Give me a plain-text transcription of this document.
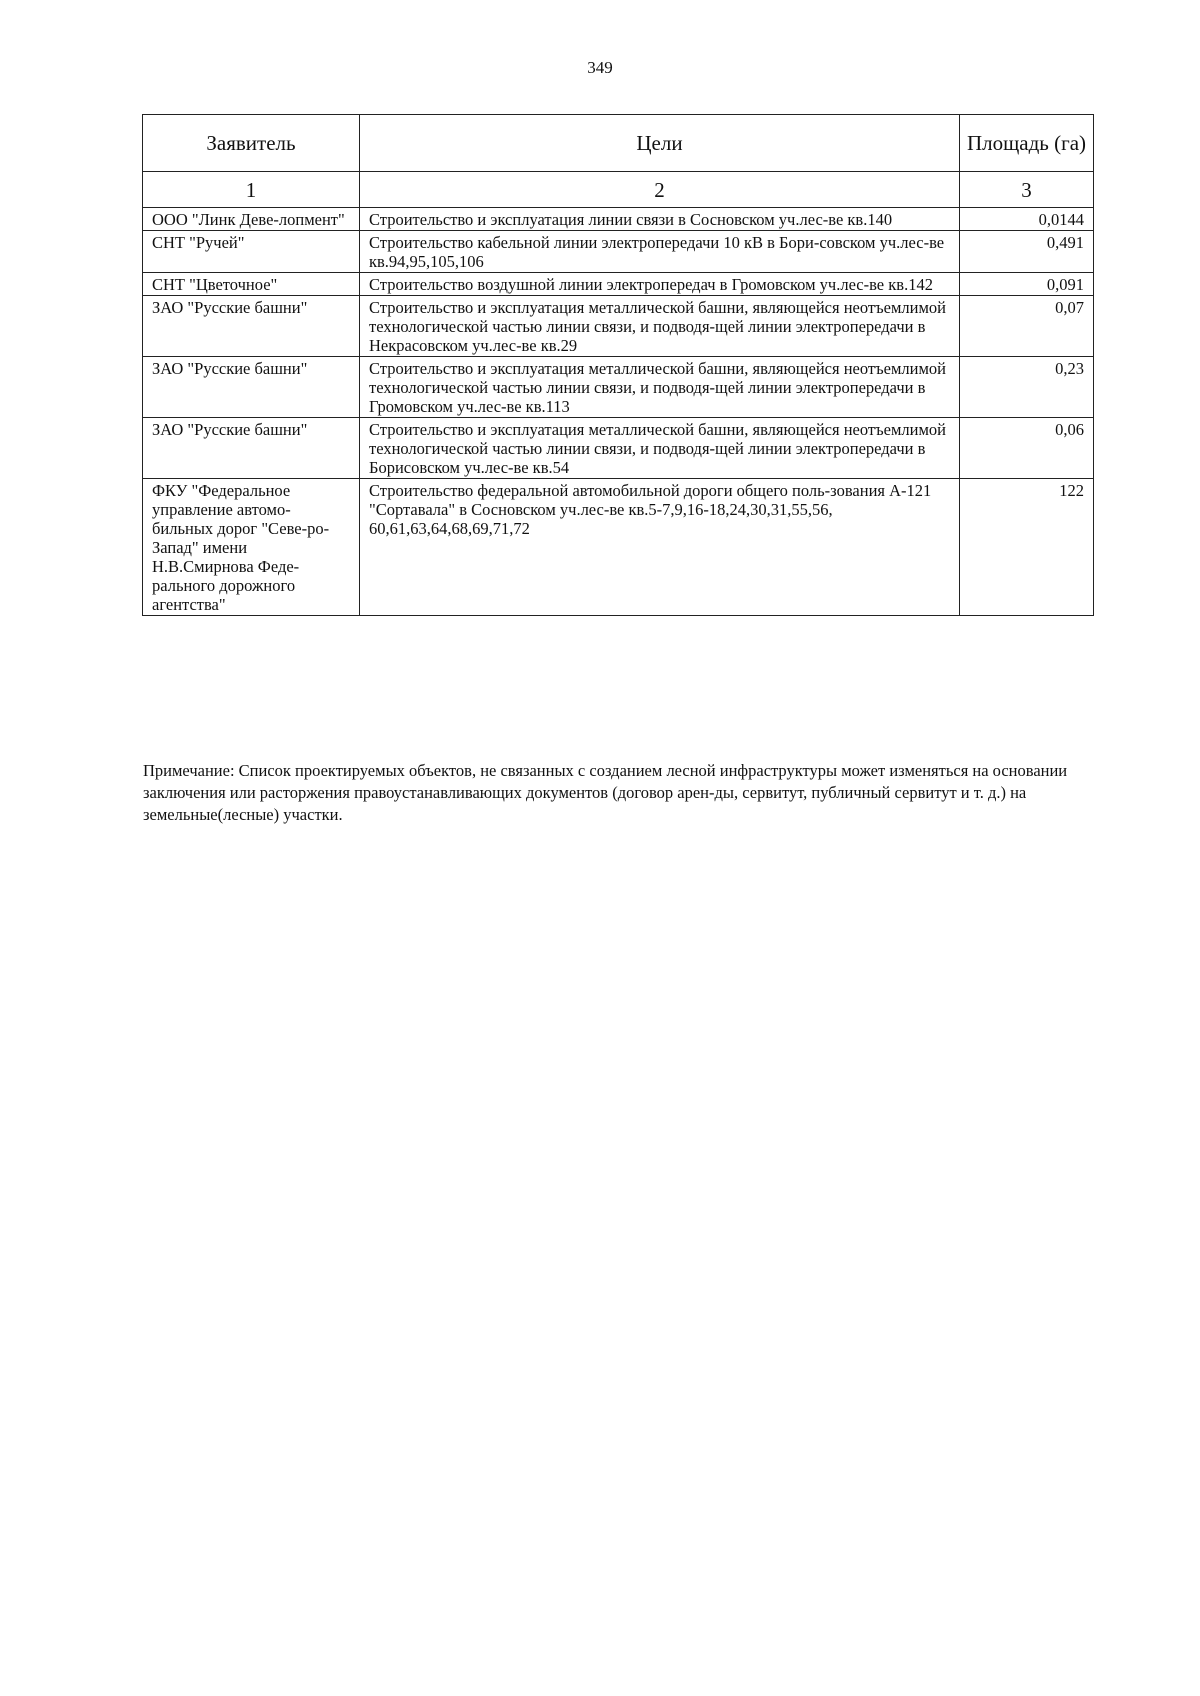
349
Заявитель	Цели	Площадь (га)
1	2	3
ООО "Линк Деве-лопмент"	Строительство и эксплуатация линии связи в Сосновском уч.лес-ве кв.140	0,0144
СНТ "Ручей"	Строительство кабельной линии электропередачи 10 кВ в Бори-совском уч.лес-ве кв.94,95,105,106	0,491
СНТ "Цветочное"	Строительство воздушной линии электропередач в Громовском уч.лес-ве кв.142	0,091
ЗАО "Русские башни"	Строительство и эксплуатация металлической башни, являющейся неотъемлимой технологической частью линии связи, и подводя-щей линии электропередачи в Некрасовском уч.лес-ве кв.29	0,07
ЗАО "Русские башни"	Строительство и эксплуатация металлической башни, являющейся неотъемлимой технологической частью линии связи, и подводя-щей линии электропередачи в Громовском уч.лес-ве кв.113	0,23
ЗАО "Русские башни"	Строительство и эксплуатация металлической башни, являющейся неотъемлимой технологической частью линии связи, и подводя-щей линии электропередачи в Борисовском уч.лес-ве кв.54	0,06
ФКУ "Федеральное управление автомо-бильных дорог "Севе-ро-Запад" имени Н.В.Смирнова Феде-рального дорожного агентства"	Строительство федеральной автомобильной дороги общего поль-зования А-121 "Сортавала" в Сосновском уч.лес-ве кв.5-7,9,16-18,24,30,31,55,56, 60,61,63,64,68,69,71,72	122
Примечание: Список проектируемых объектов, не связанных с созданием лесной инфраструктуры может изменяться на основании заключения или расторжения правоустанавливающих документов (договор арен-ды, сервитут, публичный сервитут и т. д.) на земельные(лесные) участки.
